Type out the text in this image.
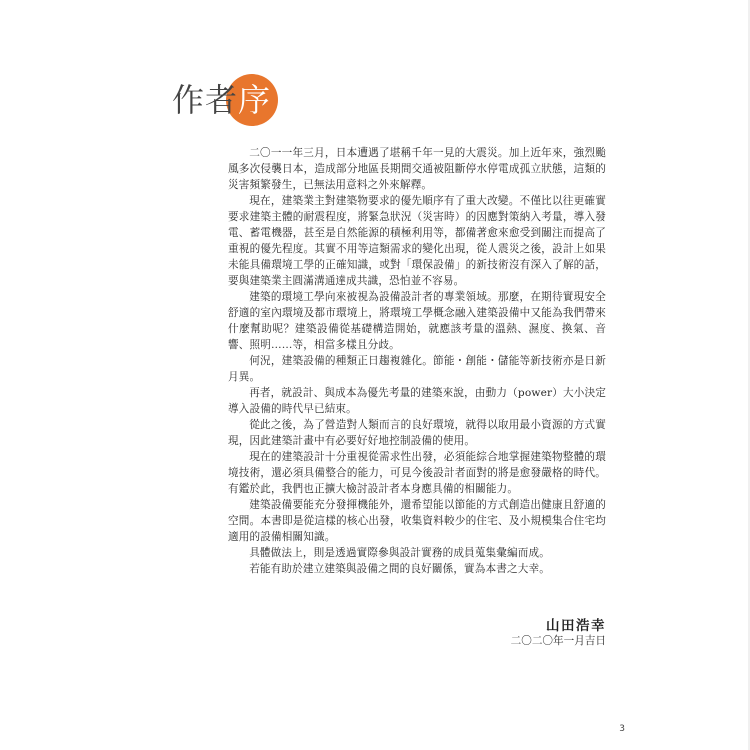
作者序

二〇一一年三月，日本遭遇了堪稱千年一見的大震災。加上近年來，強烈颱風多次侵襲日本，造成部分地區長期間交通被阻斷停水停電成孤立狀態，這類的災害頻繁發生，已無法用意料之外來解釋。

現在，建築業主對建築物要求的優先順序有了重大改變。不僅比以往更確實要求建築主體的耐震程度，將緊急狀況（災害時）的因應對策納入考量，導入發電、蓄電機器，甚至是自然能源的積極利用等，都備著愈來愈受到關注而提高了重視的優先程度。其實不用等這類需求的變化出現，從人震災之後，設計上如果未能具備環境工學的正確知識，或對「環保設備」的新技術沒有深入了解的話，要與建築業主圓滿溝通達成共識，恐怕並不容易。

建築的環境工學向來被視為設備設計者的專業領域。那麼，在期待實現安全舒適的室內環境及都市環境上，將環境工學概念融入建築設備中又能為我們帶來什麼幫助呢？建築設備從基礎構造開始，就應該考量的溫熱、濕度、換氣、音響、照明……等，相當多樣且分歧。

何況，建築設備的種類正日趨複雜化。節能・創能・儲能等新技術亦是日新月異。

再者，就設計、與成本為優先考量的建築來說，由動力（power）大小決定導入設備的時代早已結束。

從此之後，為了營造對人類而言的良好環境，就得以取用最小資源的方式實現，因此建築計畫中有必要好好地控制設備的使用。

現在的建築設計十分重視從需求性出發，必須能綜合地掌握建築物整體的環境技術，還必須具備整合的能力，可見今後設計者面對的將是愈發嚴格的時代。有鑑於此，我們也正擴大檢討設計者本身應具備的相關能力。

建築設備要能充分發揮機能外，還希望能以節能的方式創造出健康且舒適的空間。本書即是從這樣的核心出發，收集資料較少的住宅、及小規模集合住宅均適用的設備相關知識。

具體做法上，則是透過實際參與設計實務的成員蒐集彙編而成。

若能有助於建立建築與設備之間的良好關係，實為本書之大幸。

山田浩幸
二〇二〇年一月吉日
3
